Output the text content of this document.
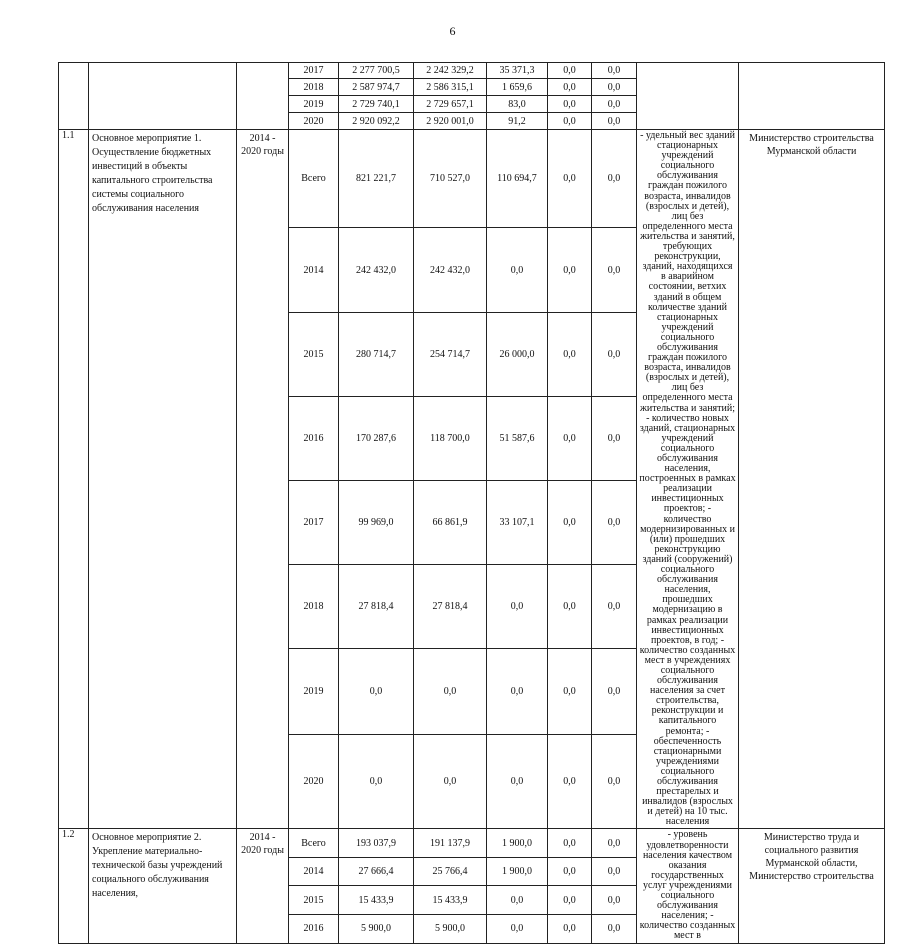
6
			2017	2 277 700,5	2 242 329,2	35 371,3	0,0	0,0		
			2018	2 587 974,7	2 586 315,1	1 659,6	0,0	0,0		
			2019	2 729 740,1	2 729 657,1	83,0	0,0	0,0		
			2020	2 920 092,2	2 920 001,0	91,2	0,0	0,0		
1.1	Основное мероприятие 1. Осуществление бюджетных инвестиций в объекты капитального строительства системы социального обслуживания населения	2014 - 2020 годы	Всего	821 221,7	710 527,0	110 694,7	0,0	0,0	- удельный вес зданий стационарных учреждений социального обслуживания граждан пожилого возраста, инвалидов (взрослых и детей), лиц без определенного места жительства и занятий, требующих реконструкции, зданий, находящихся в аварийном состоянии, ветхих зданий в общем количестве зданий стационарных учреждений социального обслуживания граждан пожилого возраста, инвалидов (взрослых и детей), лиц без определенного места жительства и занятий; - количество новых зданий, стационарных учреждений социального обслуживания населения, построенных в рамках реализации инвестиционных проектов; - количество модернизированных и (или) прошедших реконструкцию зданий (сооружений) социального обслуживания населения, прошедших модернизацию в рамках реализации инвестиционных проектов, в год; - количество созданных мест в учреждениях социального обслуживания населения за счет строительства, реконструкции и капитального ремонта; - обеспеченность стационарными учреждениями социального обслуживания престарелых и инвалидов (взрослых и детей) на 10 тыс. населения	Министерство строительства Мурманской области
			2014	242 432,0	242 432,0	0,0	0,0	0,0		
			2015	280 714,7	254 714,7	26 000,0	0,0	0,0		
			2016	170 287,6	118 700,0	51 587,6	0,0	0,0		
			2017	99 969,0	66 861,9	33 107,1	0,0	0,0		
			2018	27 818,4	27 818,4	0,0	0,0	0,0		
			2019	0,0	0,0	0,0	0,0	0,0		
			2020	0,0	0,0	0,0	0,0	0,0		
1.2	Основное мероприятие 2. Укрепление материально-технической базы учреждений социального обслуживания населения,	2014 - 2020 годы	Всего	193 037,9	191 137,9	1 900,0	0,0	0,0	- уровень удовлетворенности населения качеством оказания государственных услуг учреждениями социального обслуживания населения; - количество созданных мест в	Министерство труда и социального развития Мурманской области, Министерство строительства
			2014	27 666,4	25 766,4	1 900,0	0,0	0,0		
			2015	15 433,9	15 433,9	0,0	0,0	0,0		
			2016	5 900,0	5 900,0	0,0	0,0	0,0		
